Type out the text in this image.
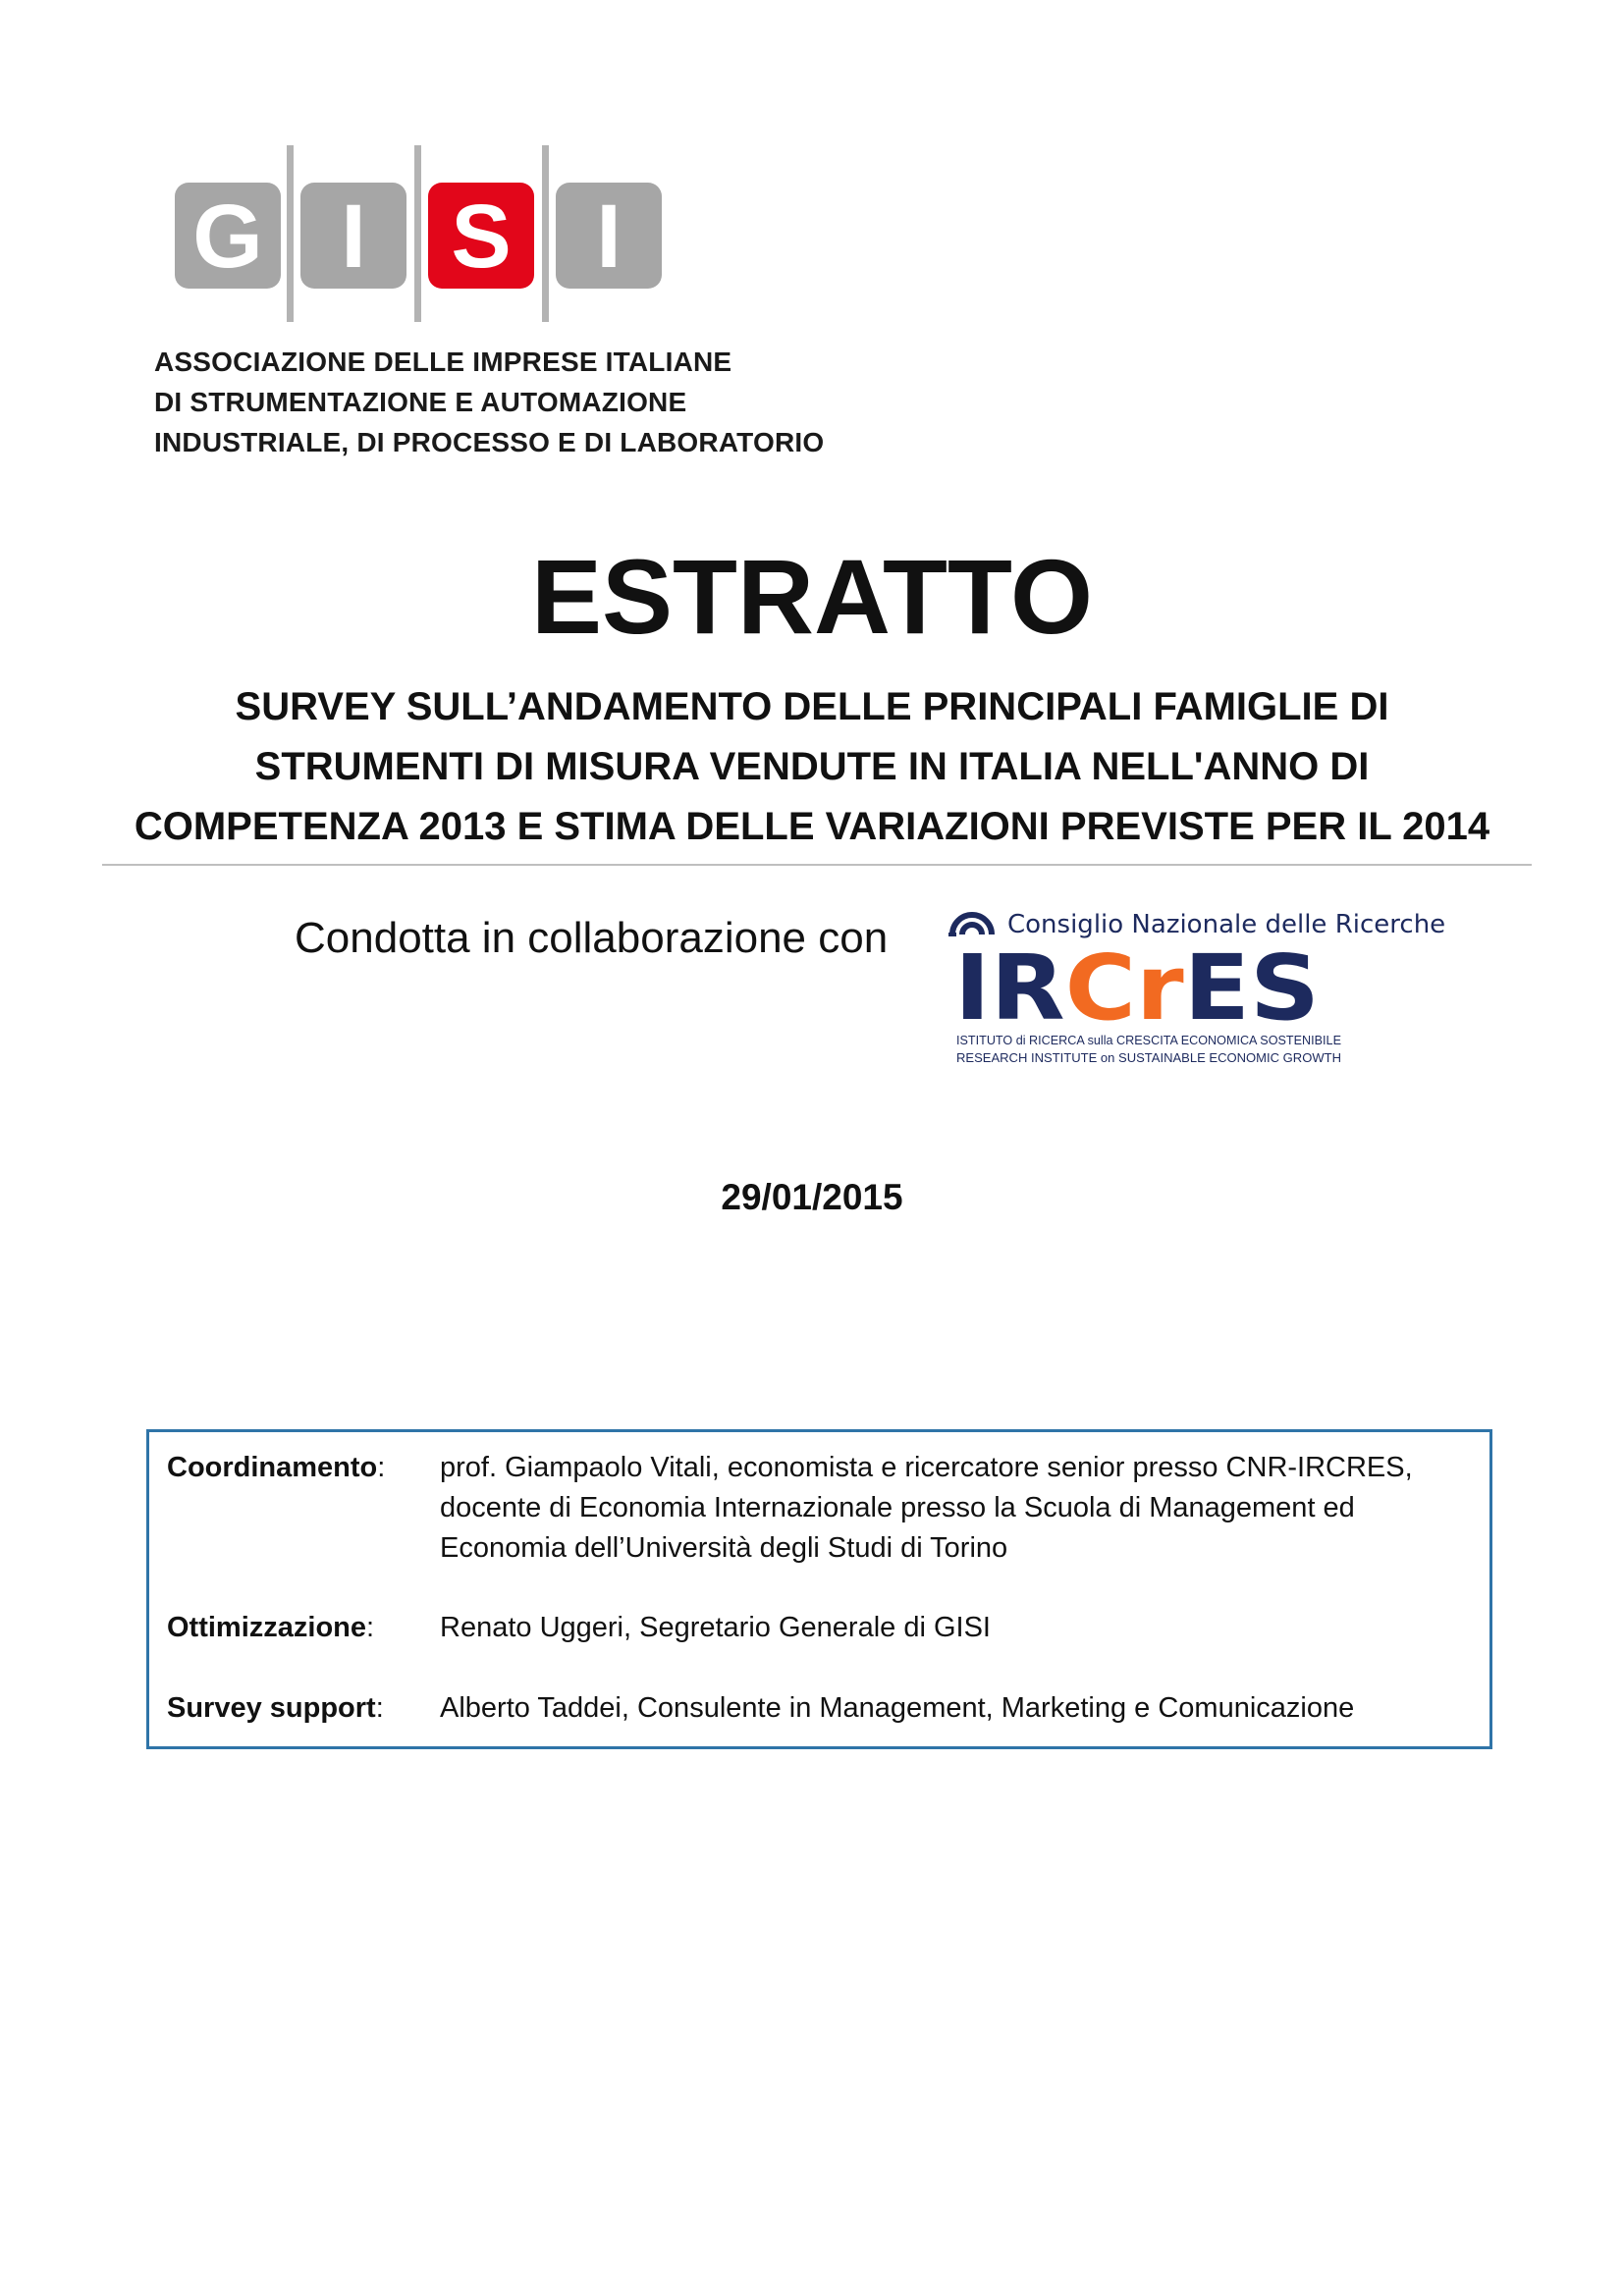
G I S I
ASSOCIAZIONE DELLE IMPRESE ITALIANE
DI STRUMENTAZIONE E AUTOMAZIONE
INDUSTRIALE, DI PROCESSO E DI LABORATORIO
ESTRATTO
SURVEY SULL’ANDAMENTO DELLE PRINCIPALI FAMIGLIE DI
STRUMENTI DI MISURA VENDUTE IN ITALIA NELL'ANNO DI
COMPETENZA 2013 E STIMA DELLE VARIAZIONI PREVISTE PER IL 2014
Condotta in collaborazione con	Consiglio Nazionale delle Ricerche
IRCrES
ISTITUTO di RICERCA sulla CRESCITA ECONOMICA SOSTENIBILE
RESEARCH INSTITUTE on SUSTAINABLE ECONOMIC GROWTH
29/01/2015
Coordinamento: prof. Giampaolo Vitali, economista e ricercatore senior presso CNR-IRCRES,
docente di Economia Internazionale presso la Scuola di Management ed
Economia dell’Università degli Studi di Torino
Ottimizzazione: Renato Uggeri, Segretario Generale di GISI
Survey support: Alberto Taddei, Consulente in Management, Marketing e Comunicazione
